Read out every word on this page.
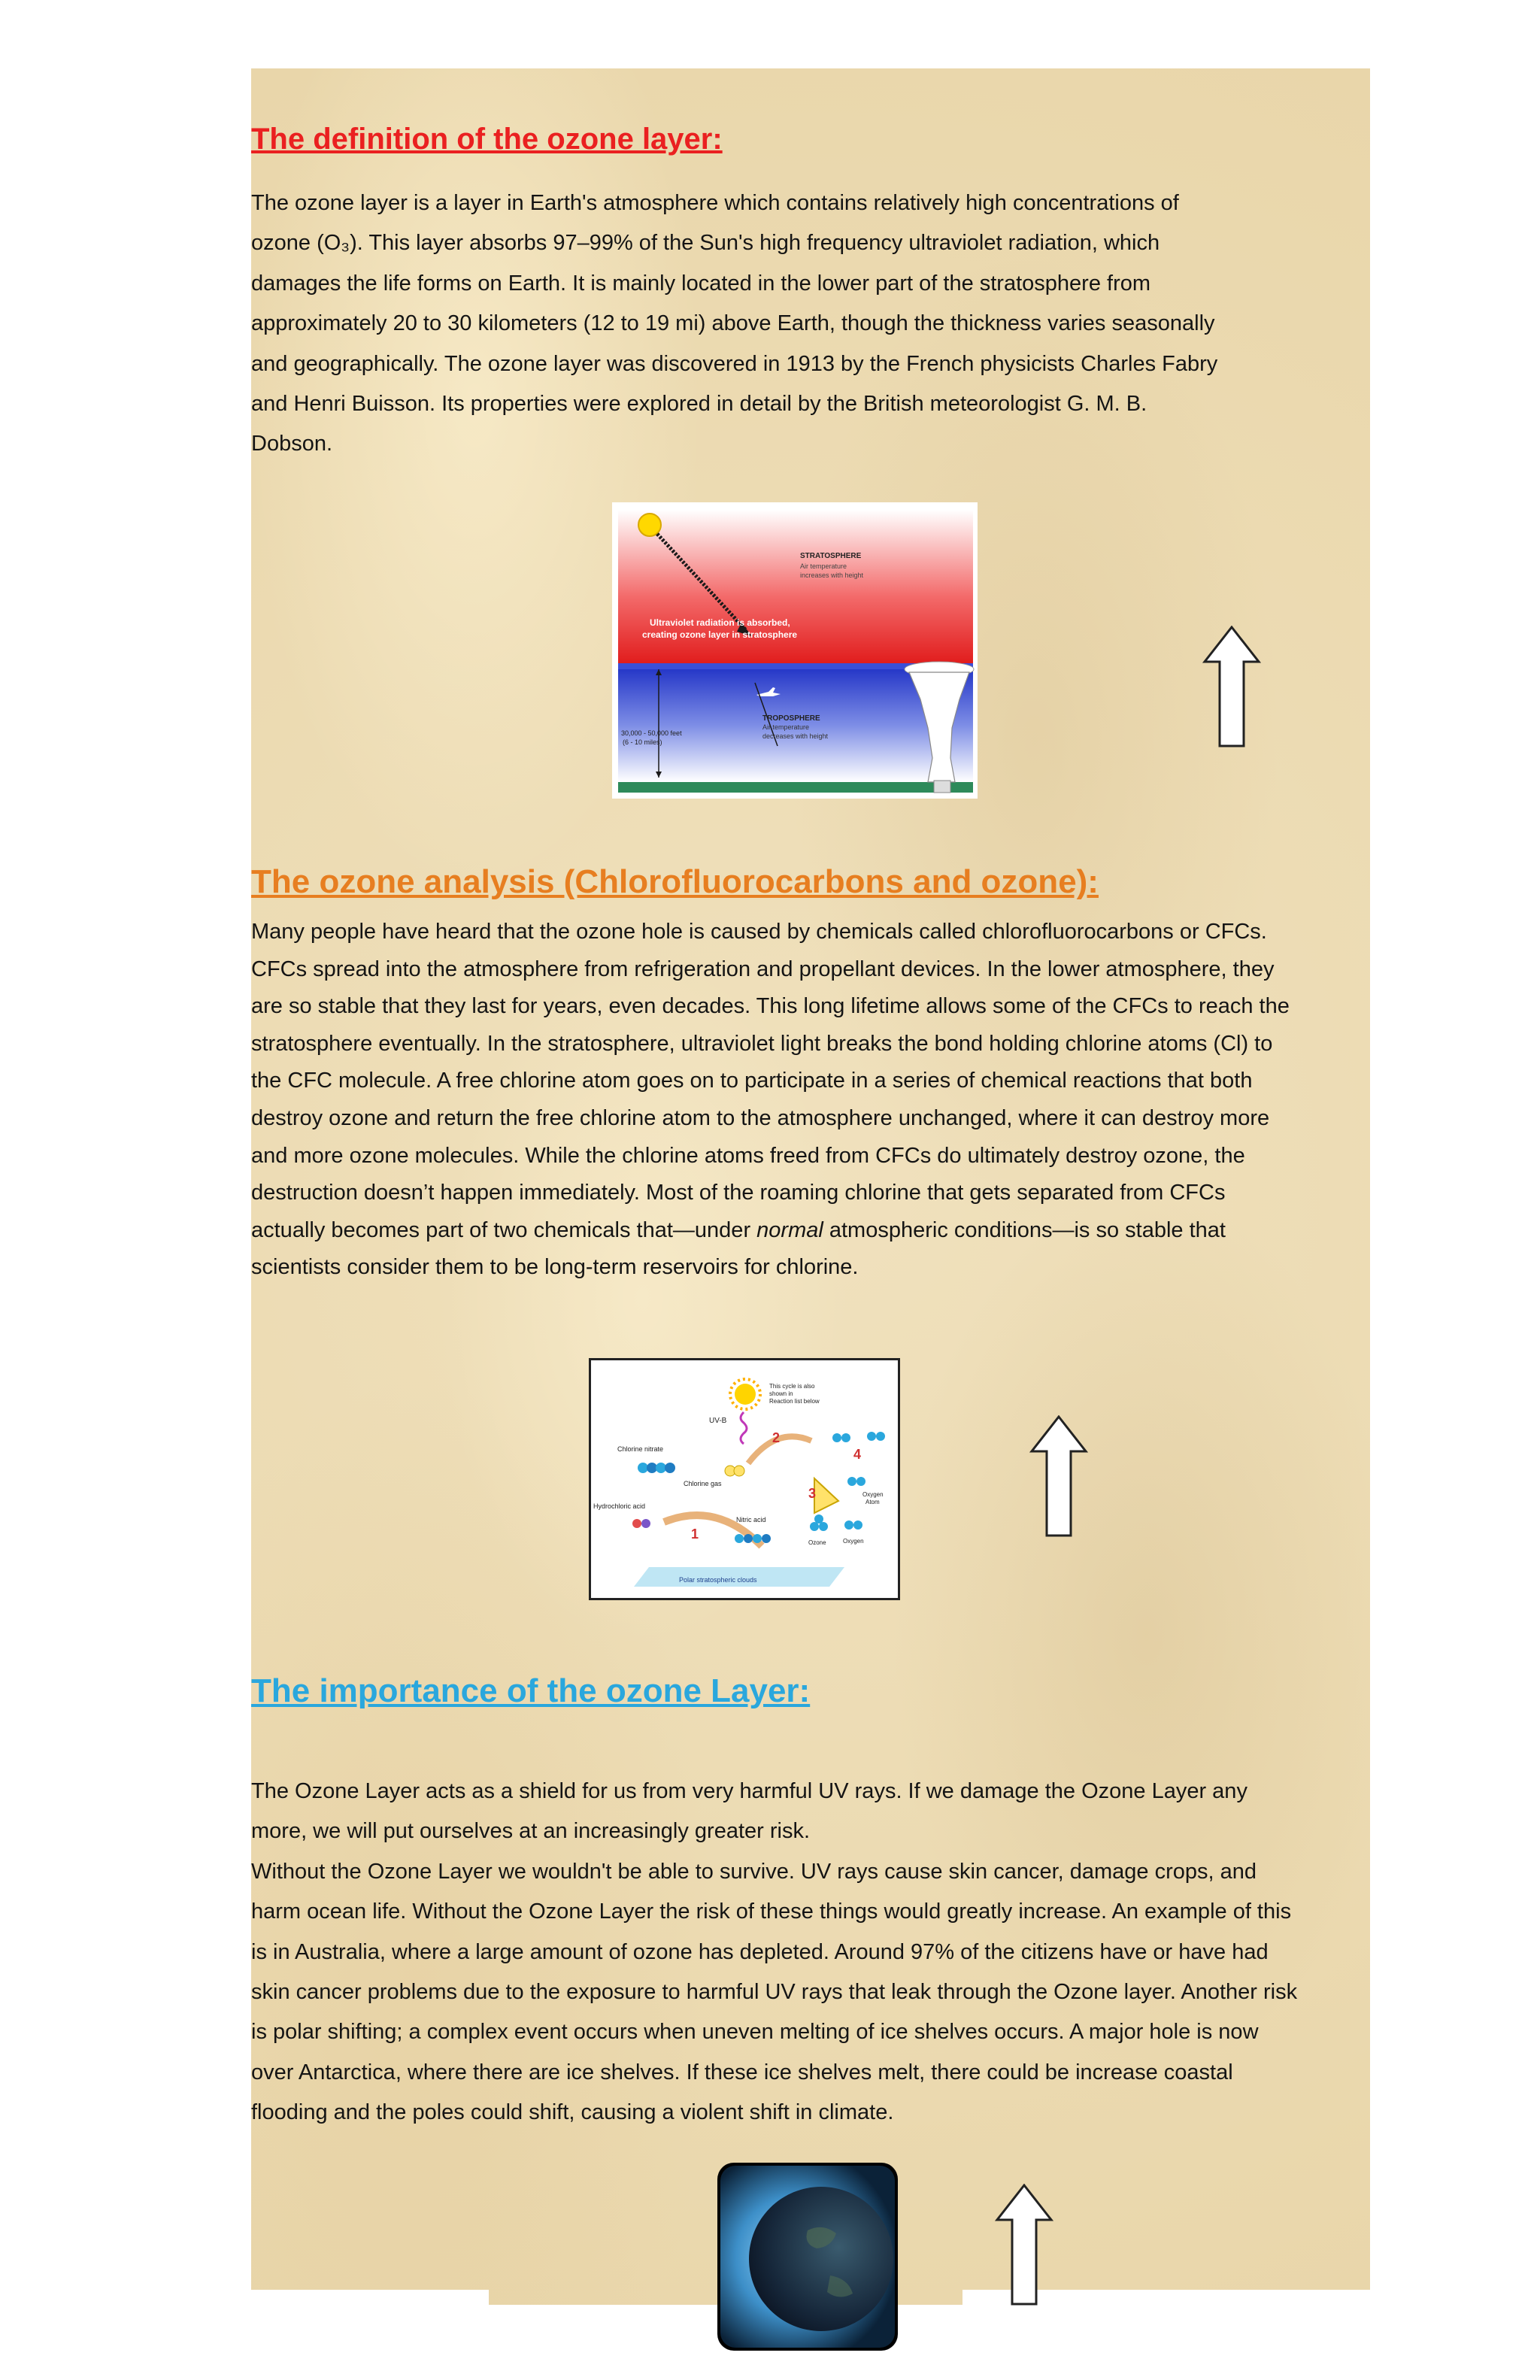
The definition of the ozone layer:
The ozone layer is a layer in Earth's atmosphere which contains relatively high concentrations of
ozone (O₃). This layer absorbs 97–99% of the Sun's high frequency ultraviolet radiation, which
damages the life forms on Earth. It is mainly located in the lower part of the stratosphere from
approximately 20 to 30 kilometers (12 to 19 mi) above Earth, though the thickness varies seasonally
and geographically. The ozone layer was discovered in 1913 by the French physicists Charles Fabry
and Henri Buisson. Its properties were explored in detail by the British meteorologist G. M. B.
Dobson.
STRATOSPHERE
Air temperature
increases with height
Ultraviolet radiation is absorbed,
creating ozone layer in stratosphere
TROPOSPHERE
Air temperature
decreases with height
30,000 - 50,000 feet
(6 - 10 miles)
The ozone analysis (Chlorofluorocarbons and ozone):
Many people have heard that the ozone hole is caused by chemicals called chlorofluorocarbons or CFCs.
CFCs spread into the atmosphere from refrigeration and propellant devices. In the lower atmosphere, they
are so stable that they last for years, even decades. This long lifetime allows some of the CFCs to reach the
stratosphere eventually. In the stratosphere, ultraviolet light breaks the bond holding chlorine atoms (Cl) to
the CFC molecule. A free chlorine atom goes on to participate in a series of chemical reactions that both
destroy ozone and return the free chlorine atom to the atmosphere unchanged, where it can destroy more
and more ozone molecules. While the chlorine atoms freed from CFCs do ultimately destroy ozone, the
destruction doesn’t happen immediately. Most of the roaming chlorine that gets separated from CFCs
actually becomes part of two chemicals that—under normal atmospheric conditions—is so stable that
scientists consider them to be long-term reservoirs for chlorine.
Polar stratospheric clouds
This cycle is also
shown in
Reaction list below
UV-B
Chlorine nitrate
Chlorine gas
Hydrochloric acid
1
Nitric acid
2
3
4
Ozone	Oxygen
Oxygen
Atom
The importance of the ozone Layer:
The Ozone Layer acts as a shield for us from very harmful UV rays. If we damage the Ozone Layer any
more, we will put ourselves at an increasingly greater risk.
Without the Ozone Layer we wouldn't be able to survive. UV rays cause skin cancer, damage crops, and
harm ocean life. Without the Ozone Layer the risk of these things would greatly increase. An example of this
is in Australia, where a large amount of ozone has depleted. Around 97% of the citizens have or have had
skin cancer problems due to the exposure to harmful UV rays that leak through the Ozone layer. Another risk
is polar shifting; a complex event occurs when uneven melting of ice shelves occurs. A major hole is now
over Antarctica, where there are ice shelves. If these ice shelves melt, there could be increase coastal
flooding and the poles could shift, causing a violent shift in climate.
